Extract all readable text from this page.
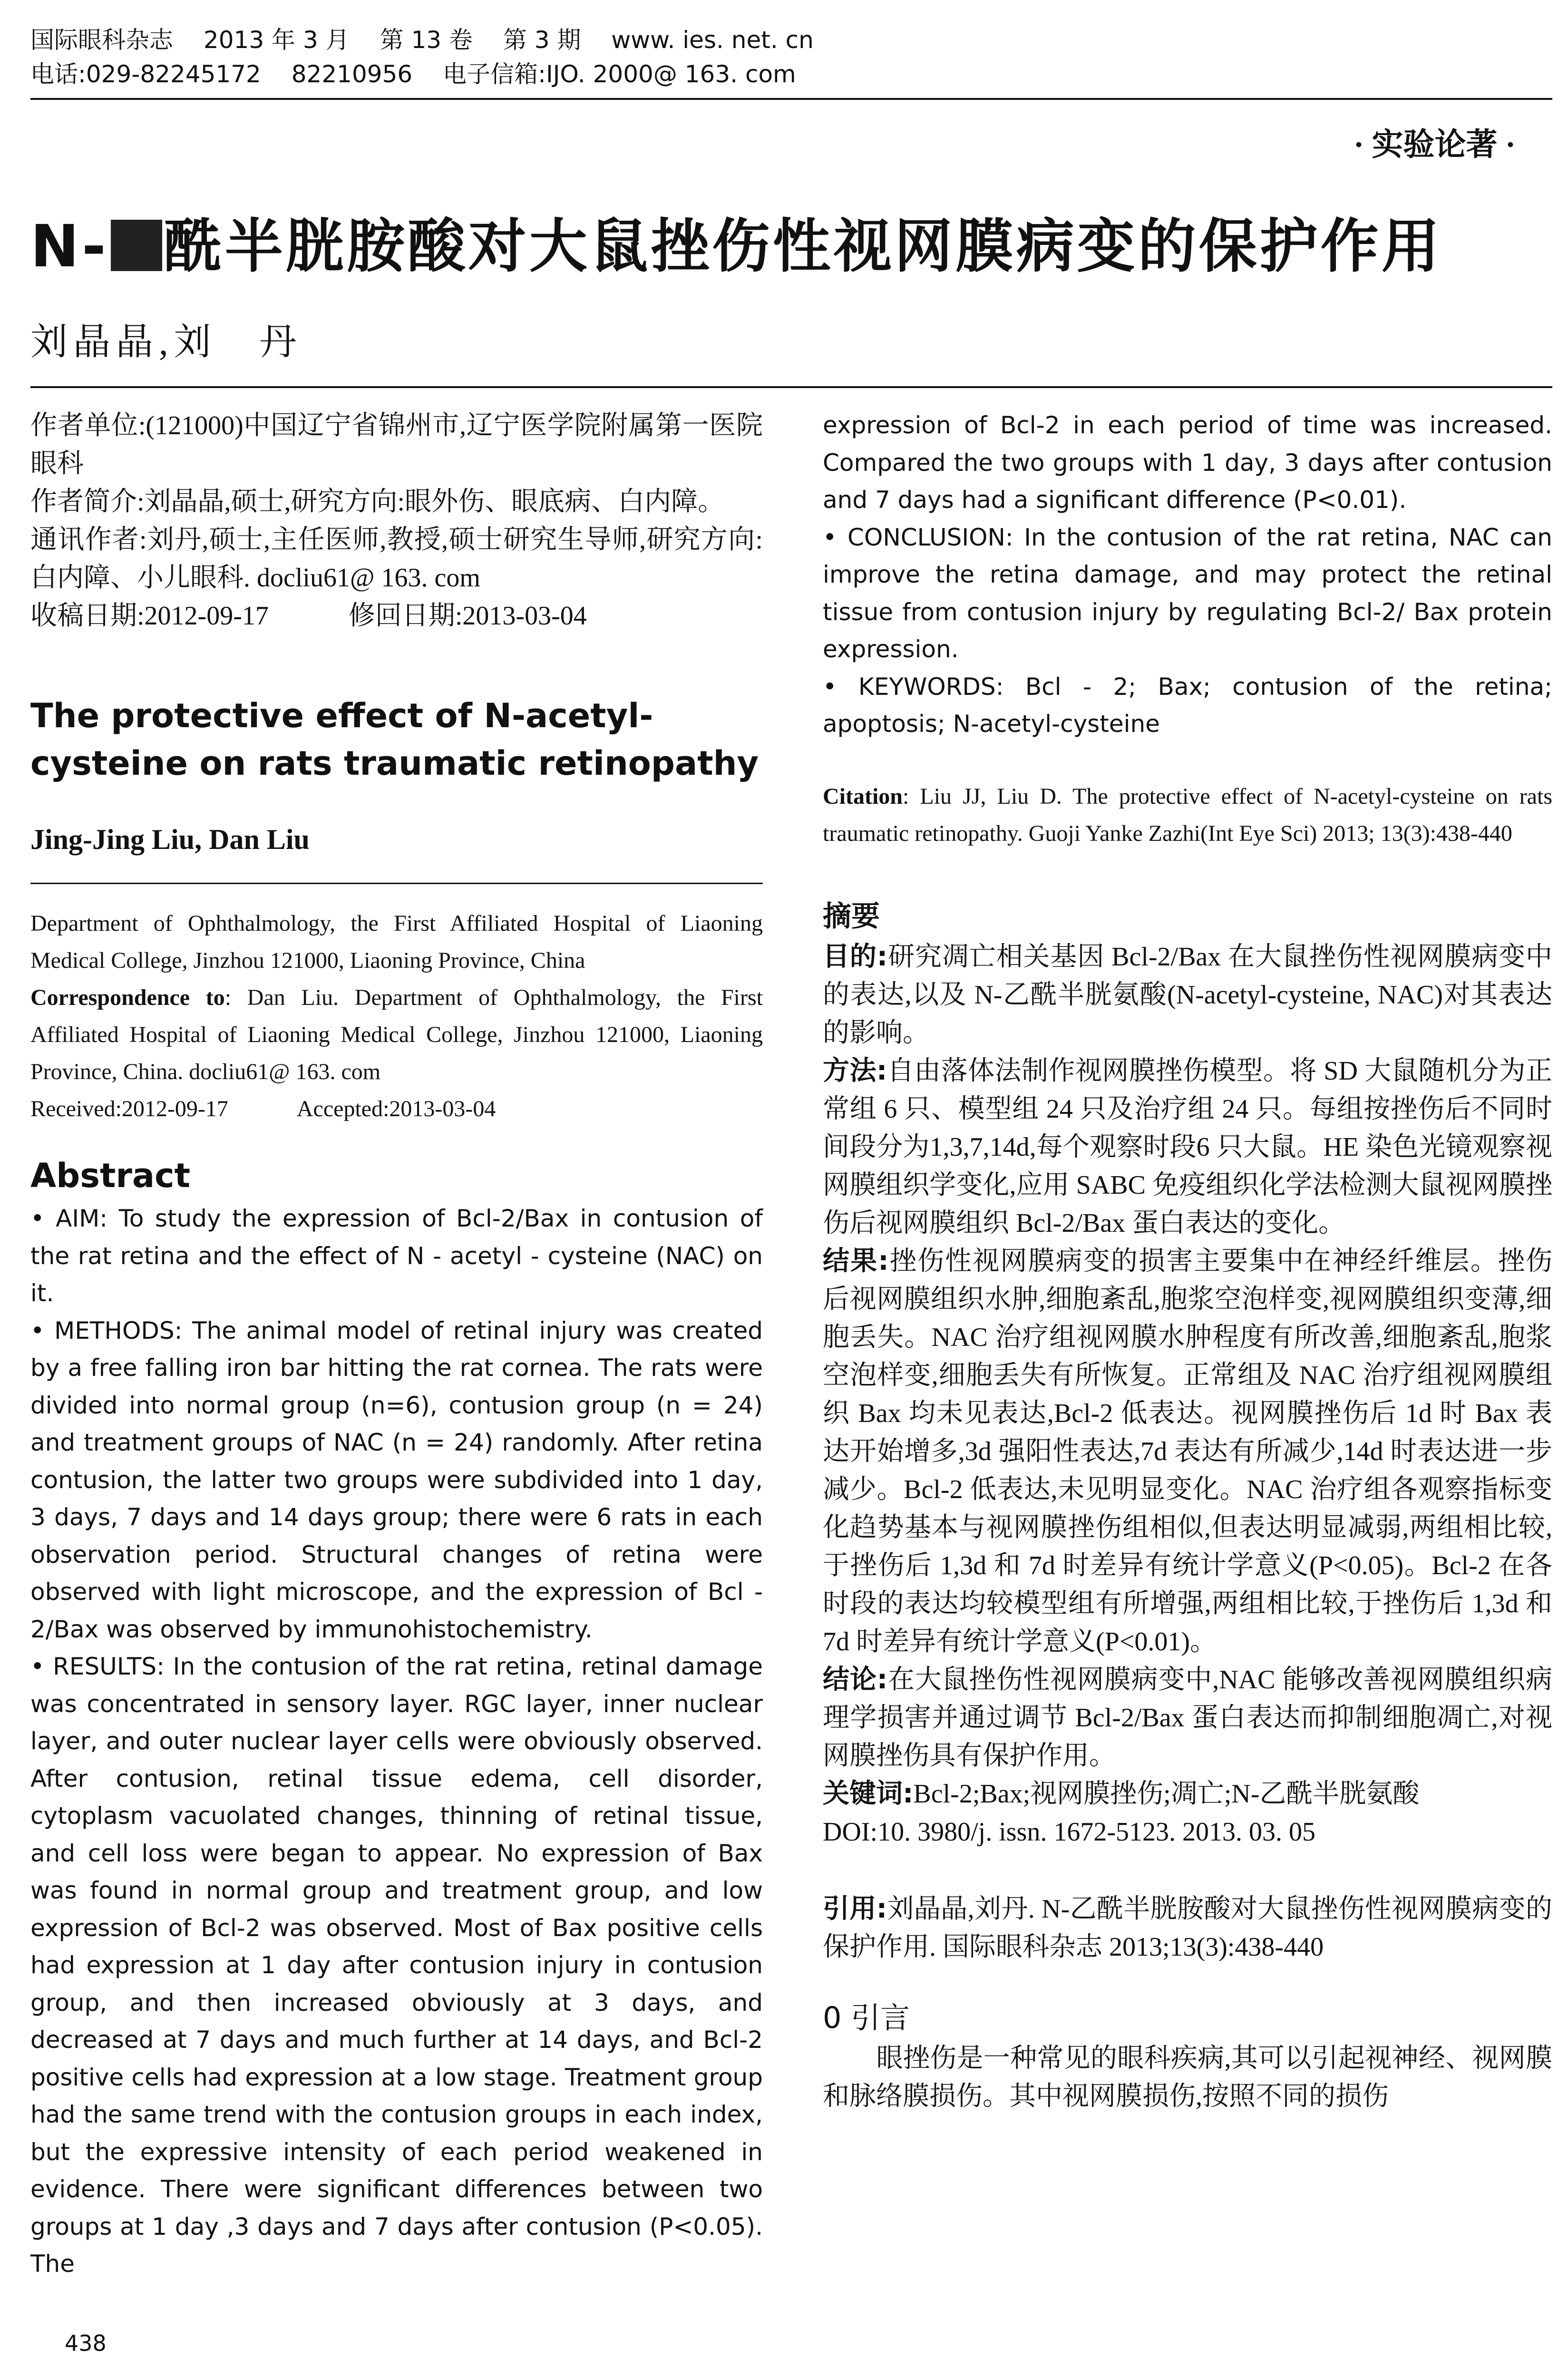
国际眼科杂志 2013 年 3 月 第 13 卷 第 3 期 www. ies. net. cn
电话:029-82245172 82210956 电子信箱:IJO. 2000@ 163. com
· 实验论著 ·
N- 酰半胱胺酸对大鼠挫伤性视网膜病变的保护作用
刘晶晶,刘　丹

作者单位:(121000)中国辽宁省锦州市,辽宁医学院附属第一医院眼科

作者简介:刘晶晶,硕士,研究方向:眼外伤、眼底病、白内障。

通讯作者:刘丹,硕士,主任医师,教授,硕士研究生导师,研究方向:白内障、小儿眼科. docliu61@ 163. com

收稿日期:2012-09-17　　　修回日期:2013-03-04

The protective effect of N-acetyl-cysteine on rats traumatic retinopathy
Jing-Jing Liu, Dan Liu

Department of Ophthalmology, the First Affiliated Hospital of Liaoning Medical College, Jinzhou 121000, Liaoning Province, China

Correspondence to: Dan Liu. Department of Ophthalmology, the First Affiliated Hospital of Liaoning Medical College, Jinzhou 121000, Liaoning Province, China. docliu61@ 163. com

Received:2012-09-17　　　Accepted:2013-03-04

Abstract

• AIM: To study the expression of Bcl-2/Bax in contusion of the rat retina and the effect of N - acetyl - cysteine (NAC) on it.

• METHODS: The animal model of retinal injury was created by a free falling iron bar hitting the rat cornea. The rats were divided into normal group (n=6), contusion group (n = 24) and treatment groups of NAC (n = 24) randomly. After retina contusion, the latter two groups were subdivided into 1 day, 3 days, 7 days and 14 days group; there were 6 rats in each observation period. Structural changes of retina were observed with light microscope, and the expression of Bcl - 2/Bax was observed by immunohistochemistry.

• RESULTS: In the contusion of the rat retina, retinal damage was concentrated in sensory layer. RGC layer, inner nuclear layer, and outer nuclear layer cells were obviously observed. After contusion, retinal tissue edema, cell disorder, cytoplasm vacuolated changes, thinning of retinal tissue, and cell loss were began to appear. No expression of Bax was found in normal group and treatment group, and low expression of Bcl-2 was observed. Most of Bax positive cells had expression at 1 day after contusion injury in contusion group, and then increased obviously at 3 days, and decreased at 7 days and much further at 14 days, and Bcl-2 positive cells had expression at a low stage. Treatment group had the same trend with the contusion groups in each index, but the expressive intensity of each period weakened in evidence. There were significant differences between two groups at 1 day ,3 days and 7 days after contusion (P<0.05). The

expression of Bcl-2 in each period of time was increased. Compared the two groups with 1 day, 3 days after contusion and 7 days had a significant difference (P<0.01).

• CONCLUSION: In the contusion of the rat retina, NAC can improve the retina damage, and may protect the retinal tissue from contusion injury by regulating Bcl-2/ Bax protein expression.

• KEYWORDS: Bcl - 2; Bax; contusion of the retina; apoptosis; N-acetyl-cysteine

Citation: Liu JJ, Liu D. The protective effect of N-acetyl-cysteine on rats traumatic retinopathy. Guoji Yanke Zazhi(Int Eye Sci) 2013; 13(3):438-440

摘要

目的:研究凋亡相关基因 Bcl-2/Bax 在大鼠挫伤性视网膜病变中的表达,以及 N-乙酰半胱氨酸(N-acetyl-cysteine, NAC)对其表达的影响。

方法:自由落体法制作视网膜挫伤模型。将 SD 大鼠随机分为正常组 6 只、模型组 24 只及治疗组 24 只。每组按挫伤后不同时间段分为1,3,7,14d,每个观察时段6 只大鼠。HE 染色光镜观察视网膜组织学变化,应用 SABC 免疫组织化学法检测大鼠视网膜挫伤后视网膜组织 Bcl-2/Bax 蛋白表达的变化。

结果:挫伤性视网膜病变的损害主要集中在神经纤维层。挫伤后视网膜组织水肿,细胞紊乱,胞浆空泡样变,视网膜组织变薄,细胞丢失。NAC 治疗组视网膜水肿程度有所改善,细胞紊乱,胞浆空泡样变,细胞丢失有所恢复。正常组及 NAC 治疗组视网膜组织 Bax 均未见表达,Bcl-2 低表达。视网膜挫伤后 1d 时 Bax 表达开始增多,3d 强阳性表达,7d 表达有所减少,14d 时表达进一步减少。Bcl-2 低表达,未见明显变化。NAC 治疗组各观察指标变化趋势基本与视网膜挫伤组相似,但表达明显减弱,两组相比较,于挫伤后 1,3d 和 7d 时差异有统计学意义(P<0.05)。Bcl-2 在各时段的表达均较模型组有所增强,两组相比较,于挫伤后 1,3d 和 7d 时差异有统计学意义(P<0.01)。

结论:在大鼠挫伤性视网膜病变中,NAC 能够改善视网膜组织病理学损害并通过调节 Bcl-2/Bax 蛋白表达而抑制细胞凋亡,对视网膜挫伤具有保护作用。

关键词:Bcl-2;Bax;视网膜挫伤;凋亡;N-乙酰半胱氨酸

DOI:10. 3980/j. issn. 1672-5123. 2013. 03. 05

引用:刘晶晶,刘丹. N-乙酰半胱胺酸对大鼠挫伤性视网膜病变的保护作用. 国际眼科杂志 2013;13(3):438-440

0 引言

　　眼挫伤是一种常见的眼科疾病,其可以引起视神经、视网膜和脉络膜损伤。其中视网膜损伤,按照不同的损伤

438
